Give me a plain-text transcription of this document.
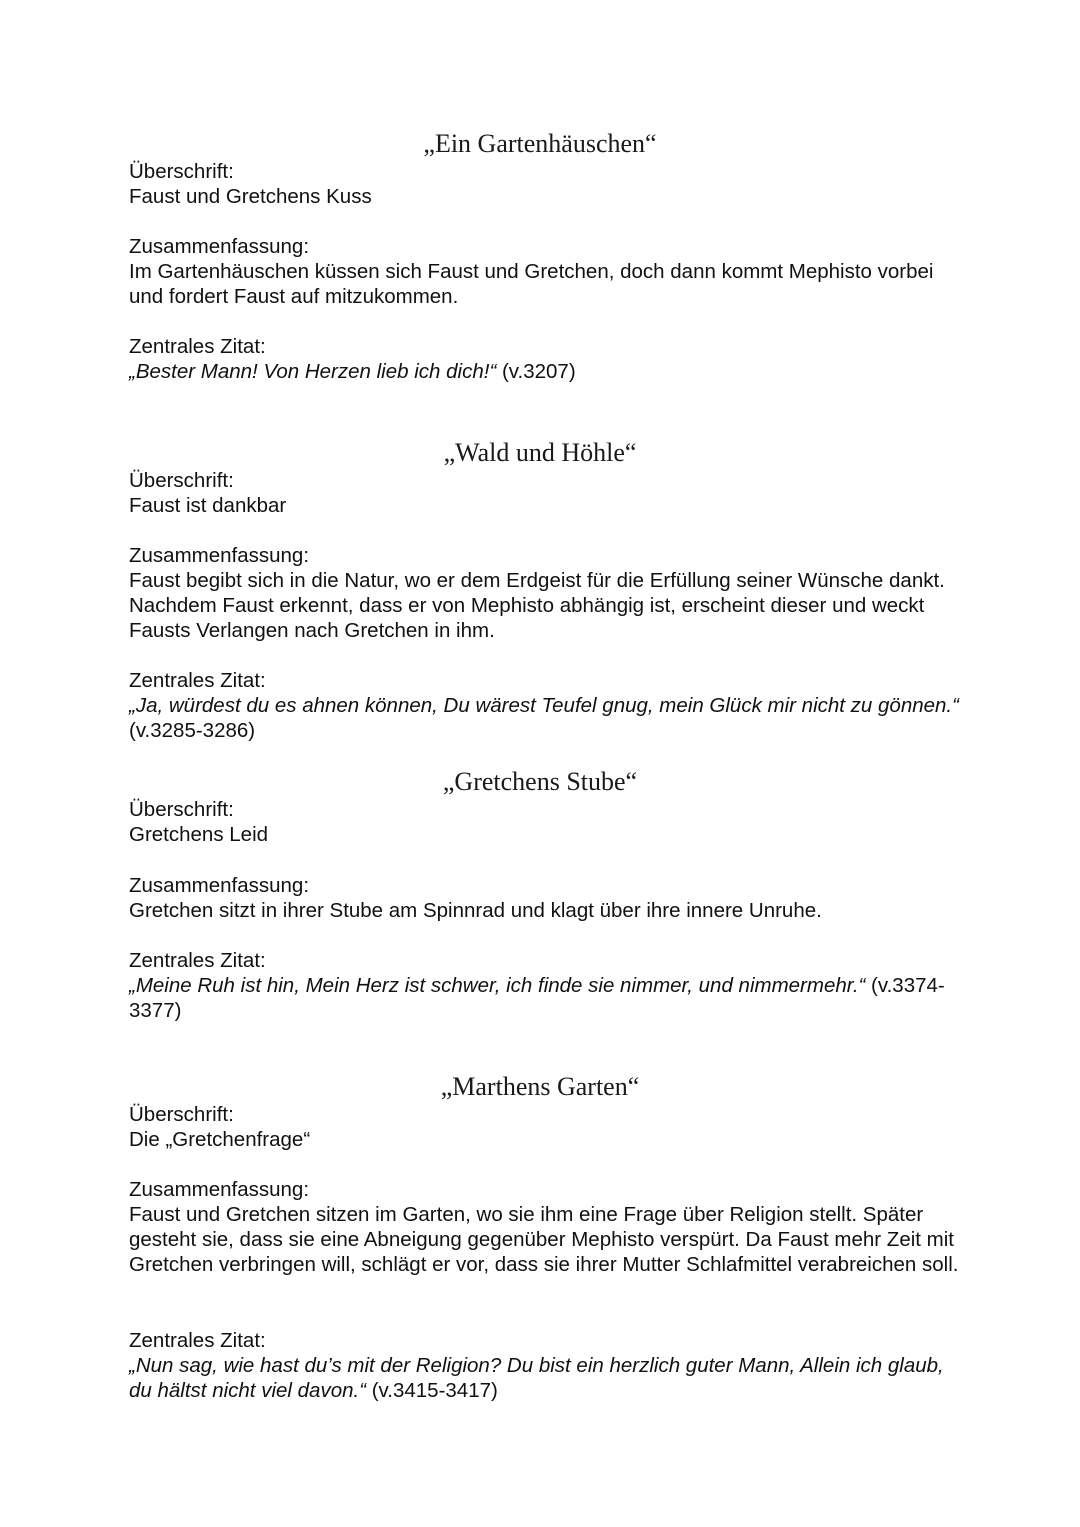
„Ein Gartenhäuschen“
Überschrift:
Faust und Gretchens Kuss
Zusammenfassung:
Im Gartenhäuschen küssen sich Faust und Gretchen, doch dann kommt Mephisto vorbei und fordert Faust auf mitzukommen.
Zentrales Zitat:
„Bester Mann! Von Herzen lieb ich dich!“ (v.3207)
„Wald und Höhle“
Überschrift:
Faust ist dankbar
Zusammenfassung:
Faust begibt sich in die Natur, wo er dem Erdgeist für die Erfüllung seiner Wünsche dankt. Nachdem Faust erkennt, dass er von Mephisto abhängig ist, erscheint dieser und weckt Fausts Verlangen nach Gretchen in ihm.
Zentrales Zitat:
„Ja, würdest du es ahnen können, Du wärest Teufel gnug, mein Glück mir nicht zu gönnen.“ (v.3285-3286)
„Gretchens Stube“
Überschrift:
Gretchens Leid
Zusammenfassung:
Gretchen sitzt in ihrer Stube am Spinnrad und klagt über ihre innere Unruhe.
Zentrales Zitat:
„Meine Ruh ist hin, Mein Herz ist schwer, ich finde sie nimmer, und nimmermehr.“ (v.3374-3377)
„Marthens Garten“
Überschrift:
Die „Gretchenfrage“
Zusammenfassung:
Faust und Gretchen sitzen im Garten, wo sie ihm eine Frage über Religion stellt. Später gesteht sie, dass sie eine Abneigung gegenüber Mephisto verspürt. Da Faust mehr Zeit mit Gretchen verbringen will, schlägt er vor, dass sie ihrer Mutter Schlafmittel verabreichen soll.
Zentrales Zitat:
„Nun sag, wie hast du’s mit der Religion? Du bist ein herzlich guter Mann, Allein ich glaub, du hältst nicht viel davon.“ (v.3415-3417)
